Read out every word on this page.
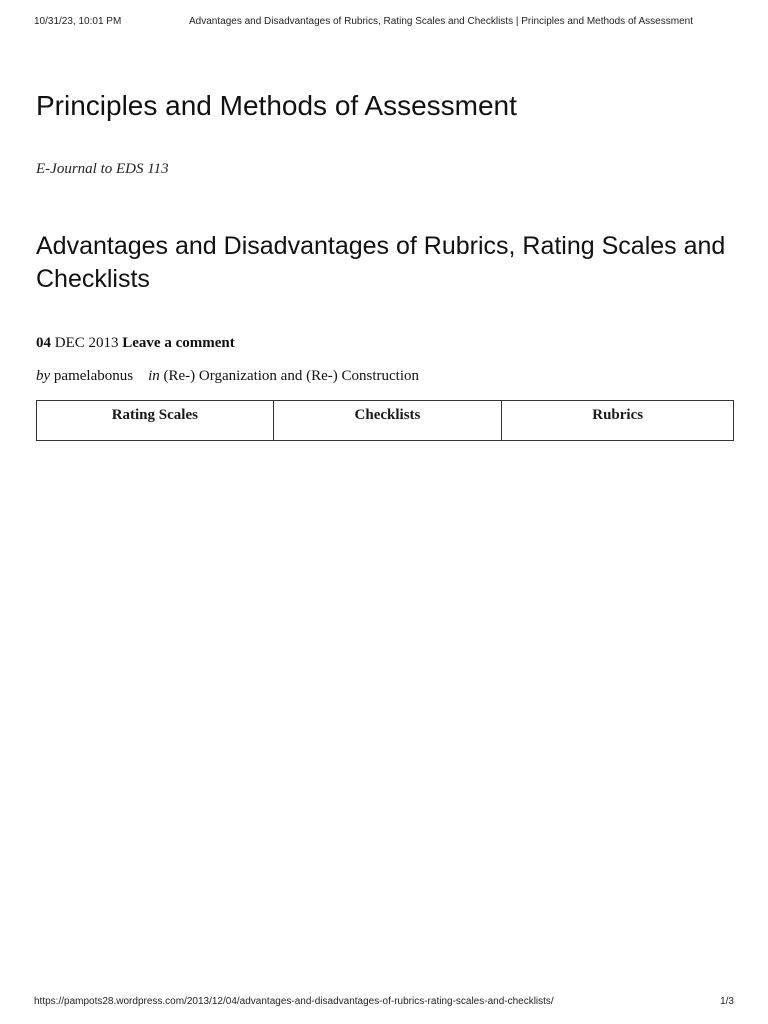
10/31/23, 10:01 PM	Advantages and Disadvantages of Rubrics, Rating Scales and Checklists | Principles and Methods of Assessment
Principles and Methods of Assessment
E-Journal to EDS 113
Advantages and Disadvantages of Rubrics, Rating Scales and Checklists
04 DEC 2013 Leave a comment
by pamelabonus in (Re-) Organization and (Re-) Construction
Rating Scales	Checklists	Rubrics
https://pampots28.wordpress.com/2013/12/04/advantages-and-disadvantages-of-rubrics-rating-scales-and-checklists/	1/3
